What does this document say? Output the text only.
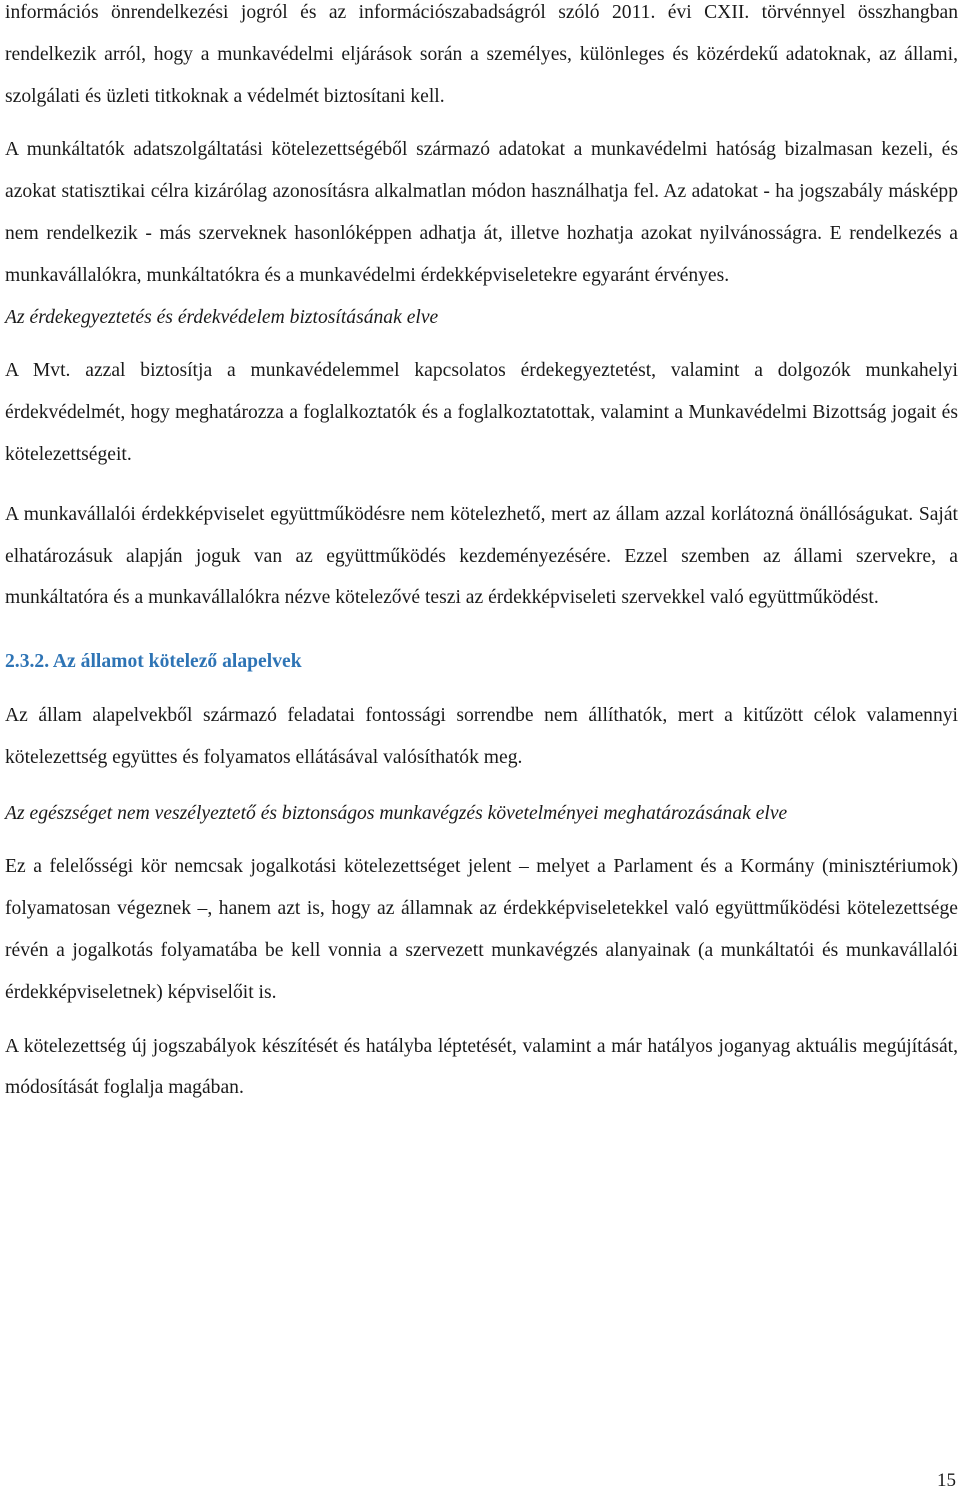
információs önrendelkezési jogról és az információszabadságról szóló 2011. évi CXII. törvénnyel összhangban rendelkezik arról, hogy a munkavédelmi eljárások során a személyes, különleges és közérdekű adatoknak, az állami, szolgálati és üzleti titkoknak a védelmét biztosítani kell.

A munkáltatók adatszolgáltatási kötelezettségéből származó adatokat a munkavédelmi hatóság bizalmasan kezeli, és azokat statisztikai célra kizárólag azonosításra alkalmatlan módon használhatja fel. Az adatokat - ha jogszabály másképp nem rendelkezik - más szerveknek hasonlóképpen adhatja át, illetve hozhatja azokat nyilvánosságra. E rendelkezés a munkavállalókra, munkáltatókra és a munkavédelmi érdekképviseletekre egyaránt érvényes.

Az érdekegyeztetés és érdekvédelem biztosításának elve

A Mvt. azzal biztosítja a munkavédelemmel kapcsolatos érdekegyeztetést, valamint a dolgozók munkahelyi érdekvédelmét, hogy meghatározza a foglalkoztatók és a foglalkoztatottak, valamint a Munkavédelmi Bizottság jogait és kötelezettségeit.

A munkavállalói érdekképviselet együttműködésre nem kötelezhető, mert az állam azzal korlátozná önállóságukat. Saját elhatározásuk alapján joguk van az együttműködés kezdeményezésére. Ezzel szemben az állami szervekre, a munkáltatóra és a munkavállalókra nézve kötelezővé teszi az érdekképviseleti szervekkel való együttműködést.

2.3.2. Az államot kötelező alapelvek

Az állam alapelvekből származó feladatai fontossági sorrendbe nem állíthatók, mert a kitűzött célok valamennyi kötelezettség együttes és folyamatos ellátásával valósíthatók meg.

Az egészséget nem veszélyeztető és biztonságos munkavégzés követelményei meghatározásának elve

Ez a felelősségi kör nemcsak jogalkotási kötelezettséget jelent – melyet a Parlament és a Kormány (minisztériumok) folyamatosan végeznek –, hanem azt is, hogy az államnak az érdekképviseletekkel való együttműködési kötelezettsége révén a jogalkotás folyamatába be kell vonnia a szervezett munkavégzés alanyainak (a munkáltatói és munkavállalói érdekképviseletnek) képviselőit is.

A kötelezettség új jogszabályok készítését és hatályba léptetését, valamint a már hatályos joganyag aktuális megújítását, módosítását foglalja magában.

15
